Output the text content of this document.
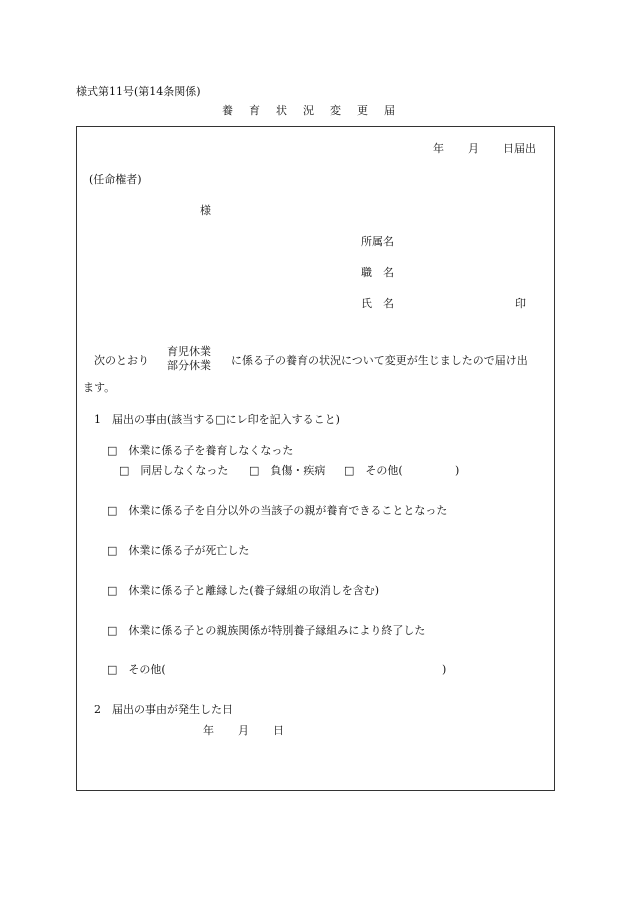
様式第11号(第14条関係)
養 育 状 況 変 更 届
年 月 日届出
(任命権者)
様
所属名
職　名
氏　名	印
次のとおり
育児休業
部分休業 に係る子の養育の状況について変更が生じましたので届け出
ます。
1　届出の事由(該当する□にレ印を記入すること)
□ 休業に係る子を養育しなくなった
□ 同居しなくなった □ 負傷・疾病 □ その他(	)
□ 休業に係る子を自分以外の当該子の親が養育できることとなった
□ 休業に係る子が死亡した
□ 休業に係る子と離縁した(養子縁組の取消しを含む)
□ 休業に係る子との親族関係が特別養子縁組みにより終了した
□ その他(	)
2　届出の事由が発生した日
年 月 日
